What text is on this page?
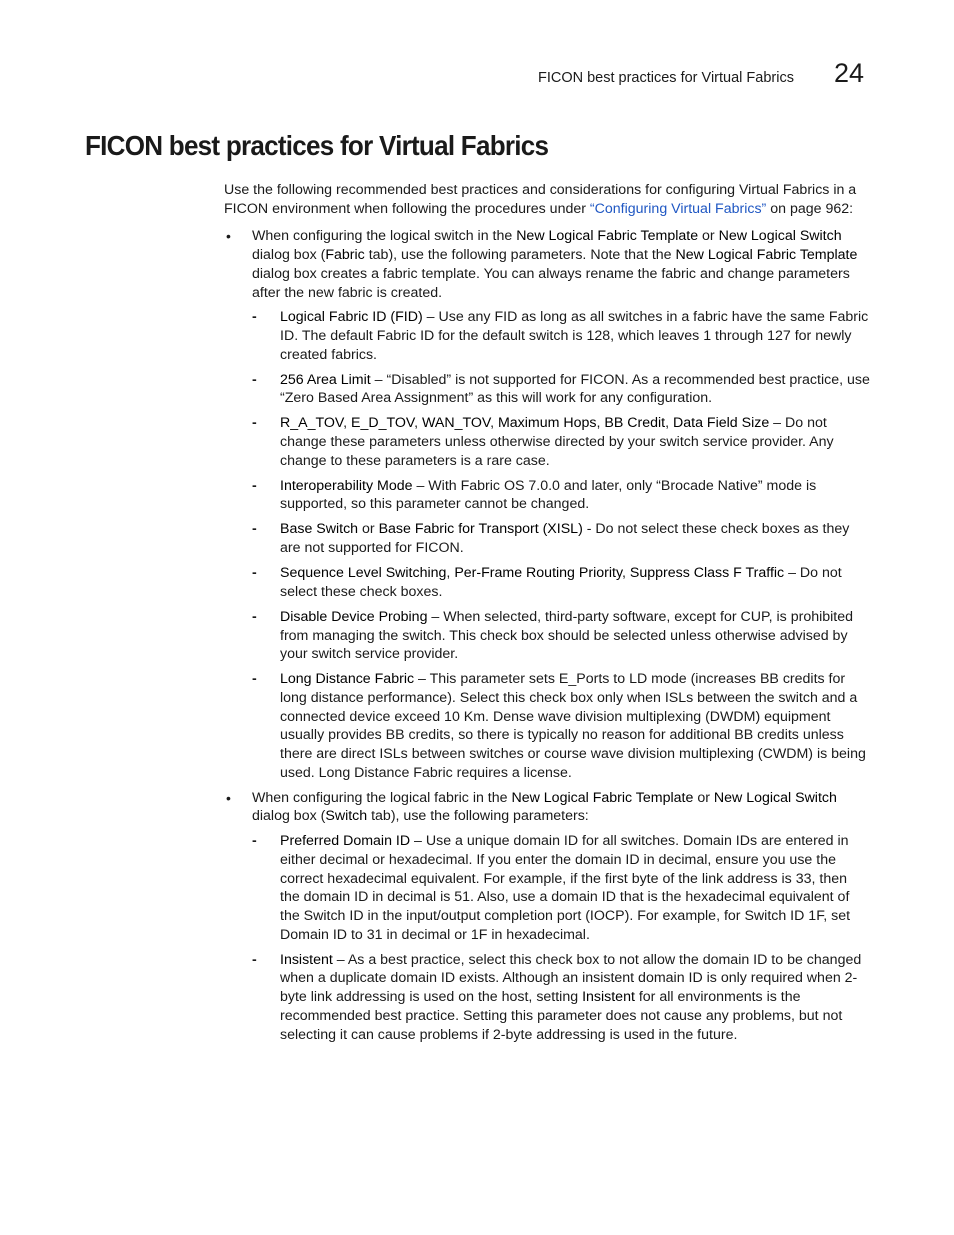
FICON best practices for Virtual Fabrics 24
FICON best practices for Virtual Fabrics

Use the following recommended best practices and considerations for configuring Virtual Fabrics in a FICON environment when following the procedures under “Configuring Virtual Fabrics” on page 962:

• When configuring the logical switch in the New Logical Fabric Template or New Logical Switch dialog box (Fabric tab), use the following parameters. Note that the New Logical Fabric Template dialog box creates a fabric template. You can always rename the fabric and change parameters after the new fabric is created.
- Logical Fabric ID (FID) – Use any FID as long as all switches in a fabric have the same Fabric ID. The default Fabric ID for the default switch is 128, which leaves 1 through 127 for newly created fabrics.
- 256 Area Limit – “Disabled” is not supported for FICON. As a recommended best practice, use “Zero Based Area Assignment” as this will work for any configuration.
- R_A_TOV, E_D_TOV, WAN_TOV, Maximum Hops, BB Credit, Data Field Size – Do not change these parameters unless otherwise directed by your switch service provider. Any change to these parameters is a rare case.
- Interoperability Mode – With Fabric OS 7.0.0 and later, only “Brocade Native” mode is supported, so this parameter cannot be changed.
- Base Switch or Base Fabric for Transport (XISL) - Do not select these check boxes as they are not supported for FICON.
- Sequence Level Switching, Per-Frame Routing Priority, Suppress Class F Traffic – Do not select these check boxes.
- Disable Device Probing – When selected, third-party software, except for CUP, is prohibited from managing the switch. This check box should be selected unless otherwise advised by your switch service provider.
- Long Distance Fabric – This parameter sets E_Ports to LD mode (increases BB credits for long distance performance). Select this check box only when ISLs between the switch and a connected device exceed 10 Km. Dense wave division multiplexing (DWDM) equipment usually provides BB credits, so there is typically no reason for additional BB credits unless there are direct ISLs between switches or course wave division multiplexing (CWDM) is being used. Long Distance Fabric requires a license.
• When configuring the logical fabric in the New Logical Fabric Template or New Logical Switch dialog box (Switch tab), use the following parameters:
- Preferred Domain ID – Use a unique domain ID for all switches. Domain IDs are entered in either decimal or hexadecimal. If you enter the domain ID in decimal, ensure you use the correct hexadecimal equivalent. For example, if the first byte of the link address is 33, then the domain ID in decimal is 51. Also, use a domain ID that is the hexadecimal equivalent of the Switch ID in the input/output completion port (IOCP). For example, for Switch ID 1F, set Domain ID to 31 in decimal or 1F in hexadecimal.
- Insistent – As a best practice, select this check box to not allow the domain ID to be changed when a duplicate domain ID exists. Although an insistent domain ID is only required when 2-byte link addressing is used on the host, setting Insistent for all environments is the recommended best practice. Setting this parameter does not cause any problems, but not selecting it can cause problems if 2-byte addressing is used in the future.
